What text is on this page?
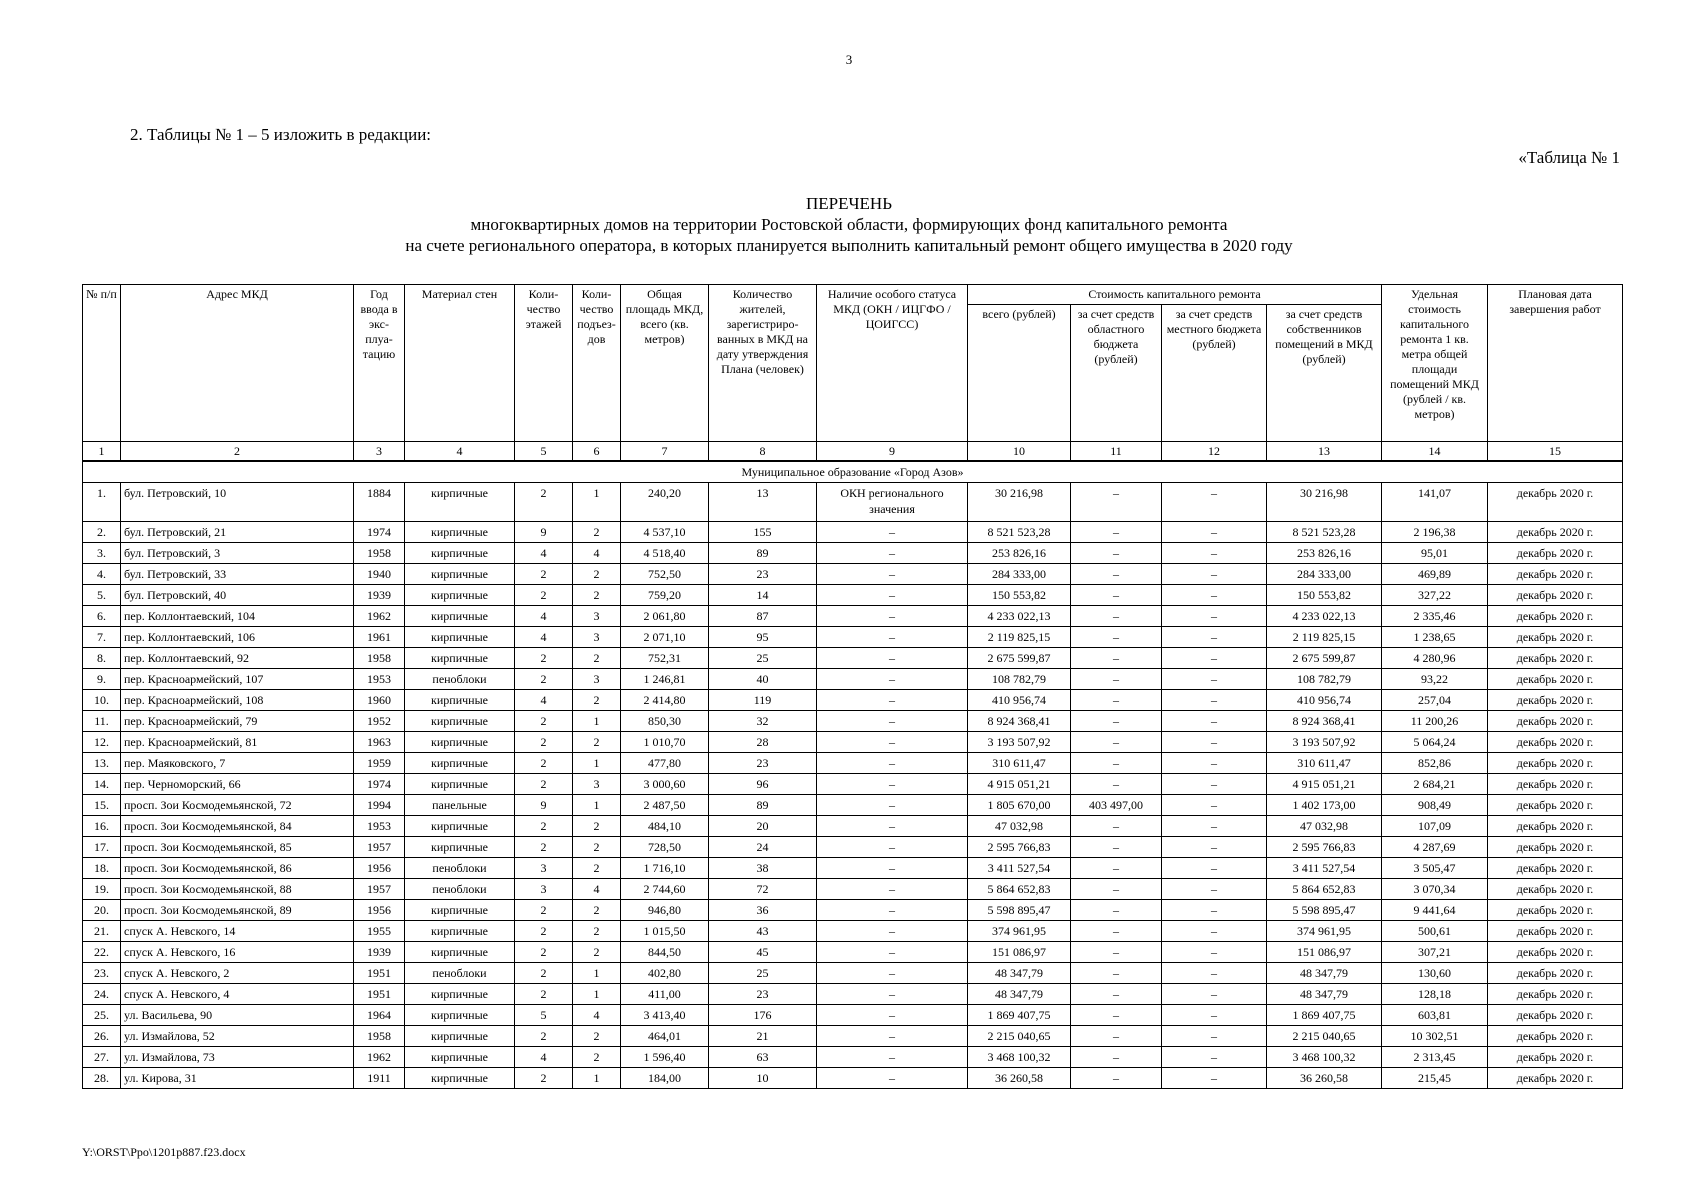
3
2. Таблицы № 1 – 5 изложить в редакции:
«Таблица № 1
ПЕРЕЧЕНЬ
многоквартирных домов на территории Ростовской области, формирующих фонд капитального ремонта
на счете регионального оператора, в которых планируется выполнить капитальный ремонт общего имущества в 2020 году
№ п/п	Адрес МКД	Год ввода в экс-плуа-тацию	Материал стен	Коли-чество этажей	Коли-чество подъез-дов	Общая площадь МКД, всего (кв. метров)	Количество жителей, зарегистриро-ванных в МКД на дату утверждения Плана (человек)	Наличие особого статуса МКД (ОКН / ИЦГФО / ЦОИГСС)	Стоимость капитального ремонта				Удельная стоимость капитального ремонта 1 кв. метра общей площади помещений МКД (рублей / кв. метров)	Плановая дата завершения работ
									всего (рублей)	за счет средств областного бюджета (рублей)	за счет средств местного бюджета (рублей)	за счет средств собственников помещений в МКД (рублей)		
1	2	3	4	5	6	7	8	9	10	11	12	13	14	15
Муниципальное образование «Город Азов»														
1.	бул. Петровский, 10	1884	кирпичные	2	1	240,20	13	ОКН регионального значения	30 216,98	–	–	30 216,98	141,07	декабрь 2020 г.
2.	бул. Петровский, 21	1974	кирпичные	9	2	4 537,10	155	–	8 521 523,28	–	–	8 521 523,28	2 196,38	декабрь 2020 г.
3.	бул. Петровский, 3	1958	кирпичные	4	4	4 518,40	89	–	253 826,16	–	–	253 826,16	95,01	декабрь 2020 г.
4.	бул. Петровский, 33	1940	кирпичные	2	2	752,50	23	–	284 333,00	–	–	284 333,00	469,89	декабрь 2020 г.
5.	бул. Петровский, 40	1939	кирпичные	2	2	759,20	14	–	150 553,82	–	–	150 553,82	327,22	декабрь 2020 г.
6.	пер. Коллонтаевский, 104	1962	кирпичные	4	3	2 061,80	87	–	4 233 022,13	–	–	4 233 022,13	2 335,46	декабрь 2020 г.
7.	пер. Коллонтаевский, 106	1961	кирпичные	4	3	2 071,10	95	–	2 119 825,15	–	–	2 119 825,15	1 238,65	декабрь 2020 г.
8.	пер. Коллонтаевский, 92	1958	кирпичные	2	2	752,31	25	–	2 675 599,87	–	–	2 675 599,87	4 280,96	декабрь 2020 г.
9.	пер. Красноармейский, 107	1953	пеноблоки	2	3	1 246,81	40	–	108 782,79	–	–	108 782,79	93,22	декабрь 2020 г.
10.	пер. Красноармейский, 108	1960	кирпичные	4	2	2 414,80	119	–	410 956,74	–	–	410 956,74	257,04	декабрь 2020 г.
11.	пер. Красноармейский, 79	1952	кирпичные	2	1	850,30	32	–	8 924 368,41	–	–	8 924 368,41	11 200,26	декабрь 2020 г.
12.	пер. Красноармейский, 81	1963	кирпичные	2	2	1 010,70	28	–	3 193 507,92	–	–	3 193 507,92	5 064,24	декабрь 2020 г.
13.	пер. Маяковского, 7	1959	кирпичные	2	1	477,80	23	–	310 611,47	–	–	310 611,47	852,86	декабрь 2020 г.
14.	пер. Черноморский, 66	1974	кирпичные	2	3	3 000,60	96	–	4 915 051,21	–	–	4 915 051,21	2 684,21	декабрь 2020 г.
15.	просп. Зои Космодемьянской, 72	1994	панельные	9	1	2 487,50	89	–	1 805 670,00	403 497,00	–	1 402 173,00	908,49	декабрь 2020 г.
16.	просп. Зои Космодемьянской, 84	1953	кирпичные	2	2	484,10	20	–	47 032,98	–	–	47 032,98	107,09	декабрь 2020 г.
17.	просп. Зои Космодемьянской, 85	1957	кирпичные	2	2	728,50	24	–	2 595 766,83	–	–	2 595 766,83	4 287,69	декабрь 2020 г.
18.	просп. Зои Космодемьянской, 86	1956	пеноблоки	3	2	1 716,10	38	–	3 411 527,54	–	–	3 411 527,54	3 505,47	декабрь 2020 г.
19.	просп. Зои Космодемьянской, 88	1957	пеноблоки	3	4	2 744,60	72	–	5 864 652,83	–	–	5 864 652,83	3 070,34	декабрь 2020 г.
20.	просп. Зои Космодемьянской, 89	1956	кирпичные	2	2	946,80	36	–	5 598 895,47	–	–	5 598 895,47	9 441,64	декабрь 2020 г.
21.	спуск А. Невского, 14	1955	кирпичные	2	2	1 015,50	43	–	374 961,95	–	–	374 961,95	500,61	декабрь 2020 г.
22.	спуск А. Невского, 16	1939	кирпичные	2	2	844,50	45	–	151 086,97	–	–	151 086,97	307,21	декабрь 2020 г.
23.	спуск А. Невского, 2	1951	пеноблоки	2	1	402,80	25	–	48 347,79	–	–	48 347,79	130,60	декабрь 2020 г.
24.	спуск А. Невского, 4	1951	кирпичные	2	1	411,00	23	–	48 347,79	–	–	48 347,79	128,18	декабрь 2020 г.
25.	ул. Васильева, 90	1964	кирпичные	5	4	3 413,40	176	–	1 869 407,75	–	–	1 869 407,75	603,81	декабрь 2020 г.
26.	ул. Измайлова, 52	1958	кирпичные	2	2	464,01	21	–	2 215 040,65	–	–	2 215 040,65	10 302,51	декабрь 2020 г.
27.	ул. Измайлова, 73	1962	кирпичные	4	2	1 596,40	63	–	3 468 100,32	–	–	3 468 100,32	2 313,45	декабрь 2020 г.
28.	ул. Кирова, 31	1911	кирпичные	2	1	184,00	10	–	36 260,58	–	–	36 260,58	215,45	декабрь 2020 г.
Y:\ORST\Ppo\1201p887.f23.docx
